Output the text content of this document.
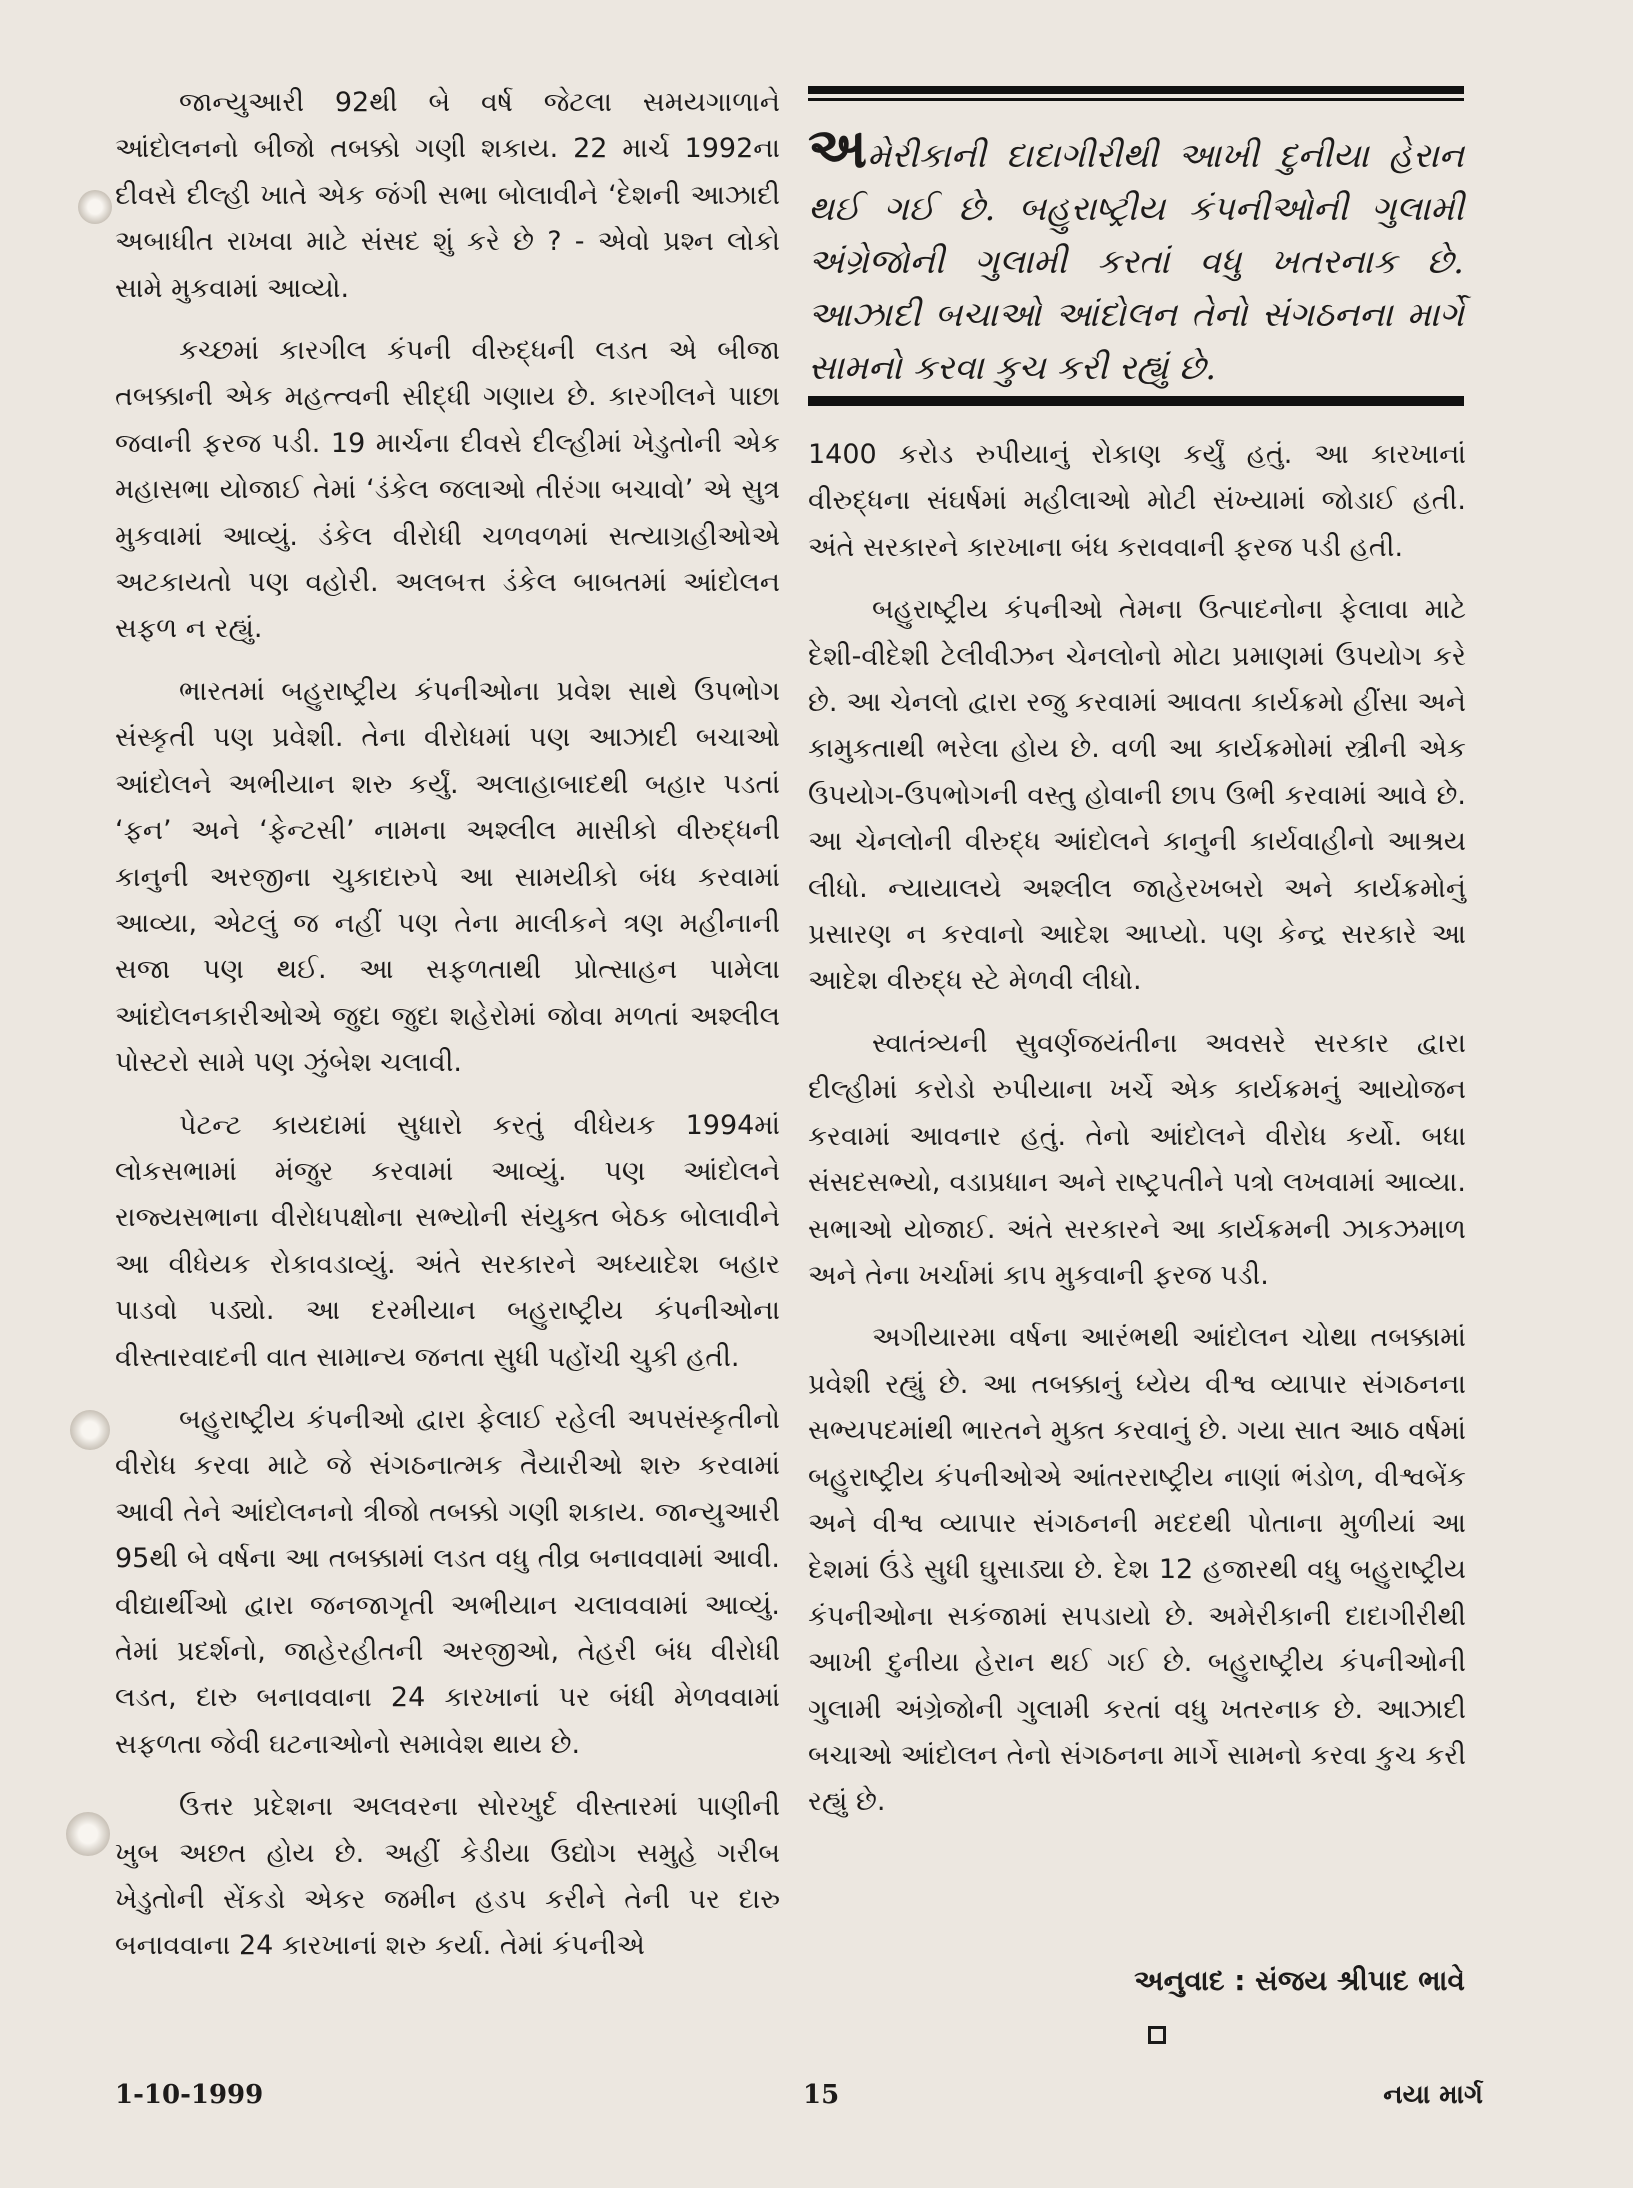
જાન્યુઆરી 92થી બે વર્ષ જેટલા સમયગાળાને આંદોલનનો બીજો તબક્કો ગણી શકાય. 22 માર્ચ 1992ના દીવસે દીલ્હી ખાતે એક જંગી સભા બોલાવીને ‘દેશની આઝાદી અબાધીત રાખવા માટે સંસદ શું કરે છે ? - એવો પ્રશ્ન લોકો સામે મુકવામાં આવ્યો.

કચ્છમાં કારગીલ કંપની વીરુદ્ધની લડત એ બીજા તબક્કાની એક મહત્ત્વની સીદ્ધી ગણાય છે. કારગીલને પાછા જવાની ફરજ પડી. 19 માર્ચના દીવસે દીલ્હીમાં ખેડુતોની એક મહાસભા યોજાઈ તેમાં ‘ડંકેલ જલાઓ તીરંગા બચાવો’ એ સુત્ર મુકવામાં આવ્યું. ડંકેલ વીરોધી ચળવળમાં સત્યાગ્રહીઓએ અટકાયતો પણ વહોરી. અલબત્ત ડંકેલ બાબતમાં આંદોલન સફળ ન રહ્યું.

ભારતમાં બહુરાષ્ટ્રીય કંપનીઓના પ્રવેશ સાથે ઉપભોગ સંસ્કૃતી પણ પ્રવેશી. તેના વીરોધમાં પણ આઝાદી બચાઓ આંદોલને અભીયાન શરુ કર્યું. અલાહાબાદથી બહાર પડતાં ‘ફન’ અને ‘ફેન્ટસી’ નામના અશ્લીલ માસીકો વીરુદ્ધની કાનુની અરજીના ચુકાદારુપે આ સામયીકો બંધ કરવામાં આવ્યા, એટલું જ નહીં પણ તેના માલીકને ત્રણ મહીનાની સજા પણ થઈ. આ સફળતાથી પ્રોત્સાહન પામેલા આંદોલનકારીઓએ જુદા જુદા શહેરોમાં જોવા મળતાં અશ્લીલ પોસ્ટરો સામે પણ ઝુંબેશ ચલાવી.

પેટન્ટ કાયદામાં સુધારો કરતું વીધેયક 1994માં લોકસભામાં મંજુર કરવામાં આવ્યું. પણ આંદોલને રાજ્યસભાના વીરોધપક્ષોના સભ્યોની સંયુક્ત બેઠક બોલાવીને આ વીધેયક રોકાવડાવ્યું. અંતે સરકારને અધ્યાદેશ બહાર પાડવો પડ્યો. આ દરમીયાન બહુરાષ્ટ્રીય કંપનીઓના વીસ્તારવાદની વાત સામાન્ય જનતા સુધી પહોંચી ચુકી હતી.

બહુરાષ્ટ્રીય કંપનીઓ દ્વારા ફેલાઈ રહેલી અપસંસ્કૃતીનો વીરોધ કરવા માટે જે સંગઠનાત્મક તૈયારીઓ શરુ કરવામાં આવી તેને આંદોલનનો ત્રીજો તબક્કો ગણી શકાય. જાન્યુઆરી 95થી બે વર્ષના આ તબક્કામાં લડત વધુ તીવ્ર બનાવવામાં આવી. વીદ્યાર્થીઓ દ્વારા જનજાગૃતી અભીયાન ચલાવવામાં આવ્યું. તેમાં પ્રદર્શનો, જાહેરહીતની અરજીઓ, તેહરી બંધ વીરોધી લડત, દારુ બનાવવાના 24 કારખાનાં પર બંધી મેળવવામાં સફળતા જેવી ઘટનાઓનો સમાવેશ થાય છે.

ઉત્તર પ્રદેશના અલવરના સોરખુર્દ વીસ્તારમાં પાણીની ખુબ અછત હોય છે. અહીં કેડીયા ઉદ્યોગ સમુહે ગરીબ ખેડુતોની સેંકડો એકર જમીન હડપ કરીને તેની પર દારુ બનાવવાના 24 કારખાનાં શરુ કર્યા. તેમાં કંપનીએ

અમેરીકાની દાદાગીરીથી આખી દુનીયા હેરાન થઈ ગઈ છે. બહુરાષ્ટ્રીય કંપનીઓની ગુલામી અંગ્રેજોની ગુલામી કરતાં વધુ ખતરનાક છે. આઝાદી બચાઓ આંદોલન તેનો સંગઠનના માર્ગે સામનો કરવા કુચ કરી રહ્યું છે.

1400 કરોડ રુપીયાનું રોકાણ કર્યું હતું. આ કારખાનાં વીરુદ્ધના સંઘર્ષમાં મહીલાઓ મોટી સંખ્યામાં જોડાઈ હતી. અંતે સરકારને કારખાના બંધ કરાવવાની ફરજ પડી હતી.

બહુરાષ્ટ્રીય કંપનીઓ તેમના ઉત્પાદનોના ફેલાવા માટે દેશી-વીદેશી ટેલીવીઝન ચેનલોનો મોટા પ્રમાણમાં ઉપયોગ કરે છે. આ ચેનલો દ્વારા રજુ કરવામાં આવતા કાર્યક્રમો હીંસા અને કામુકતાથી ભરેલા હોય છે. વળી આ કાર્યક્રમોમાં સ્ત્રીની એક ઉપયોગ-ઉપભોગની વસ્તુ હોવાની છાપ ઉભી કરવામાં આવે છે. આ ચેનલોની વીરુદ્ધ આંદોલને કાનુની કાર્યવાહીનો આશ્રય લીધો. ન્યાયાલયે અશ્લીલ જાહેરખબરો અને કાર્યક્રમોનું પ્રસારણ ન કરવાનો આદેશ આપ્યો. પણ કેન્દ્ર સરકારે આ આદેશ વીરુદ્ધ સ્ટે મેળવી લીધો.

સ્વાતંત્ર્યની સુવર્ણજયંતીના અવસરે સરકાર દ્વારા દીલ્હીમાં કરોડો રુપીયાના ખર્ચે એક કાર્યક્રમનું આયોજન કરવામાં આવનાર હતું. તેનો આંદોલને વીરોધ કર્યો. બધા સંસદસભ્યો, વડાપ્રધાન અને રાષ્ટ્રપતીને પત્રો લખવામાં આવ્યા. સભાઓ યોજાઈ. અંતે સરકારને આ કાર્યક્રમની ઝાકઝમાળ અને તેના ખર્ચામાં કાપ મુકવાની ફરજ પડી.

અગીયારમા વર્ષના આરંભથી આંદોલન ચોથા તબક્કામાં પ્રવેશી રહ્યું છે. આ તબક્કાનું ધ્યેય વીશ્વ વ્યાપાર સંગઠનના સભ્યપદમાંથી ભારતને મુક્ત કરવાનું છે. ગયા સાત આઠ વર્ષમાં બહુરાષ્ટ્રીય કંપનીઓએ આંતરરાષ્ટ્રીય નાણાં ભંડોળ, વીશ્વબેંક અને વીશ્વ વ્યાપાર સંગઠનની મદદથી પોતાના મુળીયાં આ દેશમાં ઉંડે સુધી ઘુસાડ્યા છે. દેશ 12 હજારથી વધુ બહુરાષ્ટ્રીય કંપનીઓના સકંજામાં સપડાયો છે. અમેરીકાની દાદાગીરીથી આખી દુનીયા હેરાન થઈ ગઈ છે. બહુરાષ્ટ્રીય કંપનીઓની ગુલામી અંગ્રેજોની ગુલામી કરતાં વધુ ખતરનાક છે. આઝાદી બચાઓ આંદોલન તેનો સંગઠનના માર્ગે સામનો કરવા કુચ કરી રહ્યું છે.

અનુવાદ : સંજય શ્રીપાદ ભાવે
1-10-1999	15	નયા માર્ગ
